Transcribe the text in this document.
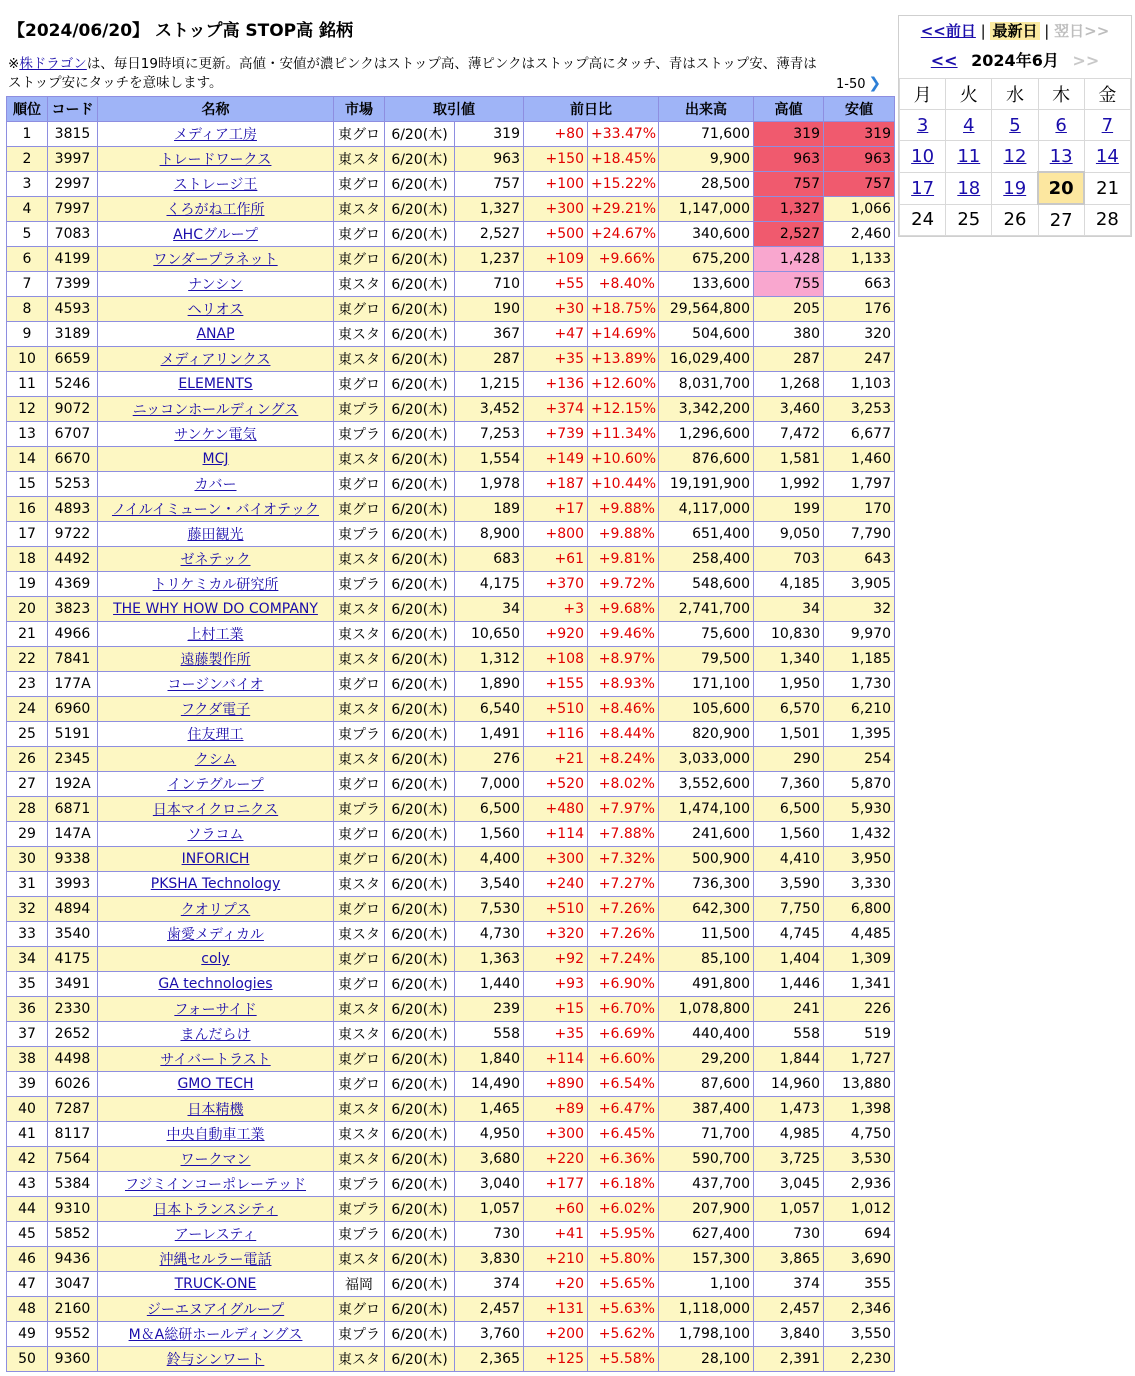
【2024/06/20】 ストップ高 STOP高 銘柄
※株ドラゴンは、毎日19時頃に更新。高値・安値が濃ピンクはストップ高、薄ピンクはストップ高にタッチ、青はストップ安、薄青はストップ安にタッチを意味します。	1-50 ❯
順位	コード	名称	市場	取引値		前日比		出来高	高値	安値
1	3815	メディア工房	東グロ	6/20(木)	319	+80	+33.47%	71,600	319	319
2	3997	トレードワークス	東スタ	6/20(木)	963	+150	+18.45%	9,900	963	963
3	2997	ストレージ王	東グロ	6/20(木)	757	+100	+15.22%	28,500	757	757
4	7997	くろがね工作所	東スタ	6/20(木)	1,327	+300	+29.21%	1,147,000	1,327	1,066
5	7083	AHCグループ	東グロ	6/20(木)	2,527	+500	+24.67%	340,600	2,527	2,460
6	4199	ワンダープラネット	東グロ	6/20(木)	1,237	+109	+9.66%	675,200	1,428	1,133
7	7399	ナンシン	東スタ	6/20(木)	710	+55	+8.40%	133,600	755	663
8	4593	ヘリオス	東グロ	6/20(木)	190	+30	+18.75%	29,564,800	205	176
9	3189	ANAP	東スタ	6/20(木)	367	+47	+14.69%	504,600	380	320
10	6659	メディアリンクス	東スタ	6/20(木)	287	+35	+13.89%	16,029,400	287	247
11	5246	ELEMENTS	東グロ	6/20(木)	1,215	+136	+12.60%	8,031,700	1,268	1,103
12	9072	ニッコンホールディングス	東プラ	6/20(木)	3,452	+374	+12.15%	3,342,200	3,460	3,253
13	6707	サンケン電気	東プラ	6/20(木)	7,253	+739	+11.34%	1,296,600	7,472	6,677
14	6670	MCJ	東スタ	6/20(木)	1,554	+149	+10.60%	876,600	1,581	1,460
15	5253	カバー	東グロ	6/20(木)	1,978	+187	+10.44%	19,191,900	1,992	1,797
16	4893	ノイルイミューン・バイオテック	東グロ	6/20(木)	189	+17	+9.88%	4,117,000	199	170
17	9722	藤田観光	東プラ	6/20(木)	8,900	+800	+9.88%	651,400	9,050	7,790
18	4492	ゼネテック	東スタ	6/20(木)	683	+61	+9.81%	258,400	703	643
19	4369	トリケミカル研究所	東プラ	6/20(木)	4,175	+370	+9.72%	548,600	4,185	3,905
20	3823	THE WHY HOW DO COMPANY	東スタ	6/20(木)	34	+3	+9.68%	2,741,700	34	32
21	4966	上村工業	東スタ	6/20(木)	10,650	+920	+9.46%	75,600	10,830	9,970
22	7841	遠藤製作所	東スタ	6/20(木)	1,312	+108	+8.97%	79,500	1,340	1,185
23	177A	コージンバイオ	東グロ	6/20(木)	1,890	+155	+8.93%	171,100	1,950	1,730
24	6960	フクダ電子	東スタ	6/20(木)	6,540	+510	+8.46%	105,600	6,570	6,210
25	5191	住友理工	東プラ	6/20(木)	1,491	+116	+8.44%	820,900	1,501	1,395
26	2345	クシム	東スタ	6/20(木)	276	+21	+8.24%	3,033,000	290	254
27	192A	インテグループ	東グロ	6/20(木)	7,000	+520	+8.02%	3,552,600	7,360	5,870
28	6871	日本マイクロニクス	東プラ	6/20(木)	6,500	+480	+7.97%	1,474,100	6,500	5,930
29	147A	ソラコム	東グロ	6/20(木)	1,560	+114	+7.88%	241,600	1,560	1,432
30	9338	INFORICH	東グロ	6/20(木)	4,400	+300	+7.32%	500,900	4,410	3,950
31	3993	PKSHA Technology	東スタ	6/20(木)	3,540	+240	+7.27%	736,300	3,590	3,330
32	4894	クオリプス	東グロ	6/20(木)	7,530	+510	+7.26%	642,300	7,750	6,800
33	3540	歯愛メディカル	東スタ	6/20(木)	4,730	+320	+7.26%	11,500	4,745	4,485
34	4175	coly	東グロ	6/20(木)	1,363	+92	+7.24%	85,100	1,404	1,309
35	3491	GA technologies	東グロ	6/20(木)	1,440	+93	+6.90%	491,800	1,446	1,341
36	2330	フォーサイド	東スタ	6/20(木)	239	+15	+6.70%	1,078,800	241	226
37	2652	まんだらけ	東スタ	6/20(木)	558	+35	+6.69%	440,400	558	519
38	4498	サイバートラスト	東グロ	6/20(木)	1,840	+114	+6.60%	29,200	1,844	1,727
39	6026	GMO TECH	東グロ	6/20(木)	14,490	+890	+6.54%	87,600	14,960	13,880
40	7287	日本精機	東スタ	6/20(木)	1,465	+89	+6.47%	387,400	1,473	1,398
41	8117	中央自動車工業	東スタ	6/20(木)	4,950	+300	+6.45%	71,700	4,985	4,750
42	7564	ワークマン	東スタ	6/20(木)	3,680	+220	+6.36%	590,700	3,725	3,530
43	5384	フジミインコーポレーテッド	東プラ	6/20(木)	3,040	+177	+6.18%	437,700	3,045	2,936
44	9310	日本トランスシティ	東プラ	6/20(木)	1,057	+60	+6.02%	207,900	1,057	1,012
45	5852	アーレスティ	東プラ	6/20(木)	730	+41	+5.95%	627,400	730	694
46	9436	沖縄セルラー電話	東スタ	6/20(木)	3,830	+210	+5.80%	157,300	3,865	3,690
47	3047	TRUCK-ONE	福岡	6/20(木)	374	+20	+5.65%	1,100	374	355
48	2160	ジーエヌアイグループ	東グロ	6/20(木)	2,457	+131	+5.63%	1,118,000	2,457	2,346
49	9552	M＆A総研ホールディングス	東プラ	6/20(木)	3,760	+200	+5.62%	1,798,100	3,840	3,550
50	9360	鈴与シンワート	東スタ	6/20(木)	2,365	+125	+5.58%	28,100	2,391	2,230
<<前日 | 最新日 | 翌日>>
<< 2024年6月 >>
月	火	水	木	金
3	4	5	6	7
10	11	12	13	14
17	18	19	20	21
24	25	26	27	28
